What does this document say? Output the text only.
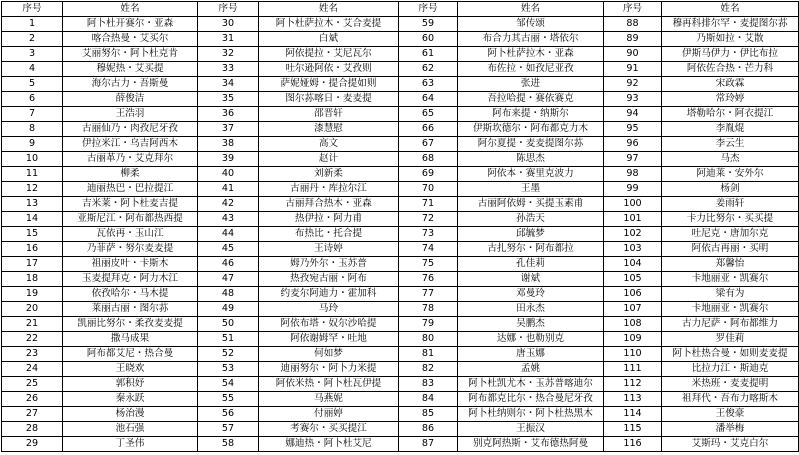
序号	姓名	序号	姓名	序号	姓名	序号	姓名
1	阿卜杜开赛尔・亚森	30	阿卜杜萨拉木・艾合麦提	59	邹传颂	88	穆再科排尔罕・麦提图尔荪
2	喀合热曼・艾买尔	31	白斌	60	布合力其古丽・塔依尔	89	乃斯如拉・艾散
3	艾丽努尔・阿卜杜克肯	32	阿依提拉・艾尼瓦尔	61	阿卜杜萨拉木・亚森	90	伊斯马伊力・伊比布拉
4	穆妮热・艾买提	33	吐尔逊阿依・艾孜则	62	布佐拉・如孜尼亚孜	91	阿依佐合热・芒力科
5	海尔古力・吾斯曼	34	萨妮娅姆・提合提如则	63	张进	92	宋政霖
6	薛俊洁	35	图尔荪喀日・麦麦提	64	吾拉哈提・赛依赛克	93	常玲婷
7	王浩羽	36	邵晋轩	65	阿布来提・纳斯尔	94	塔勒哈尔・阿衣提江
8	古丽仙乃・肉孜尼牙孜	37	漆慧慰	66	伊斯坎德尔・阿布都克力木	95	李胤焜
9	伊拉米江・乌吉阿西木	38	高文	67	阿尔夏提・麦麦提图尔荪	96	李云生
10	古丽革乃・艾克拜尔	39	赵计	68	陈思杰	97	马杰
11	柳柔	40	刘新柔	69	阿依本・赛里克波力	98	阿迪莱・安外尔
12	迪丽热巴・巴拉提江	41	古丽丹・库拉尔江	70	王墨	99	杨剑
13	吉米莱・阿卜杜麦吉提	42	古丽拜合热木・亚森	71	古丽阿依姆・买提玉素甫	100	姜雨轩
14	亚斯尼江・阿布都热西提	43	热伊拉・阿力甫	72	孙浩天	101	卡力比努尔・买买提
15	瓦依再・玉山江	44	布热比・托合提	73	邱毓梦	102	吐尼克・唐加尔克
16	乃菲萨・努尔麦麦提	45	王诗婷	74	古扎努尔・阿布都拉	103	阿依古再丽・买明
17	祖丽皮叶・卡斯木	46	姆乃外尔・玉苏普	75	孔佳莉	104	郑馨怡
18	玉麦提拜克・阿力木江	47	热孜宛古丽・阿布	76	谢斌	105	卡地丽亚・凯赛尔
19	依孜哈尔・马木提	48	约麦尔阿迪力・霍加科	77	邓曼玲	106	梁有为
20	莱丽古丽・图尔荪	49	马玲	78	田永杰	107	卡地丽亚・凯赛尔
21	凯丽比努尔・柔孜麦麦提	50	阿依布塔・奴尔沙哈提	79	吴鹏杰	108	古力尼萨・阿布都维力
22	撒马成果	51	阿依谢姆罕・吐地	80	达娜・也勒别克	109	罗佳莉
23	阿布都艾尼・热合曼	52	何如梦	81	唐玉娜	110	阿卜杜热合曼・如则麦麦提
24	王晓欢	53	迪丽努尔・阿卜力米提	82	孟姚	111	比拉力江・斯迪克
25	郭积妤	54	阿依米热・阿卜杜瓦伊提	83	阿卜杜凯尤木・玉苏普喀迪尔	112	米热班・麦麦提明
26	秦永跃	55	马燕妮	84	阿布都克比尔・热合曼尼牙孜	113	祖拜代・吾布力喀斯木
27	杨治漫	56	付丽婷	85	阿卜杜纳则尔・阿卜杜热黑木	114	王俊豪
28	池石强	57	考赛尔・买买提江	86	王振汉	115	潘举梅
29	丁圣伟	58	娜迪热・阿卜杜艾尼	87	别克阿热斯・艾布德热阿曼	116	艾斯玛・艾克白尔
